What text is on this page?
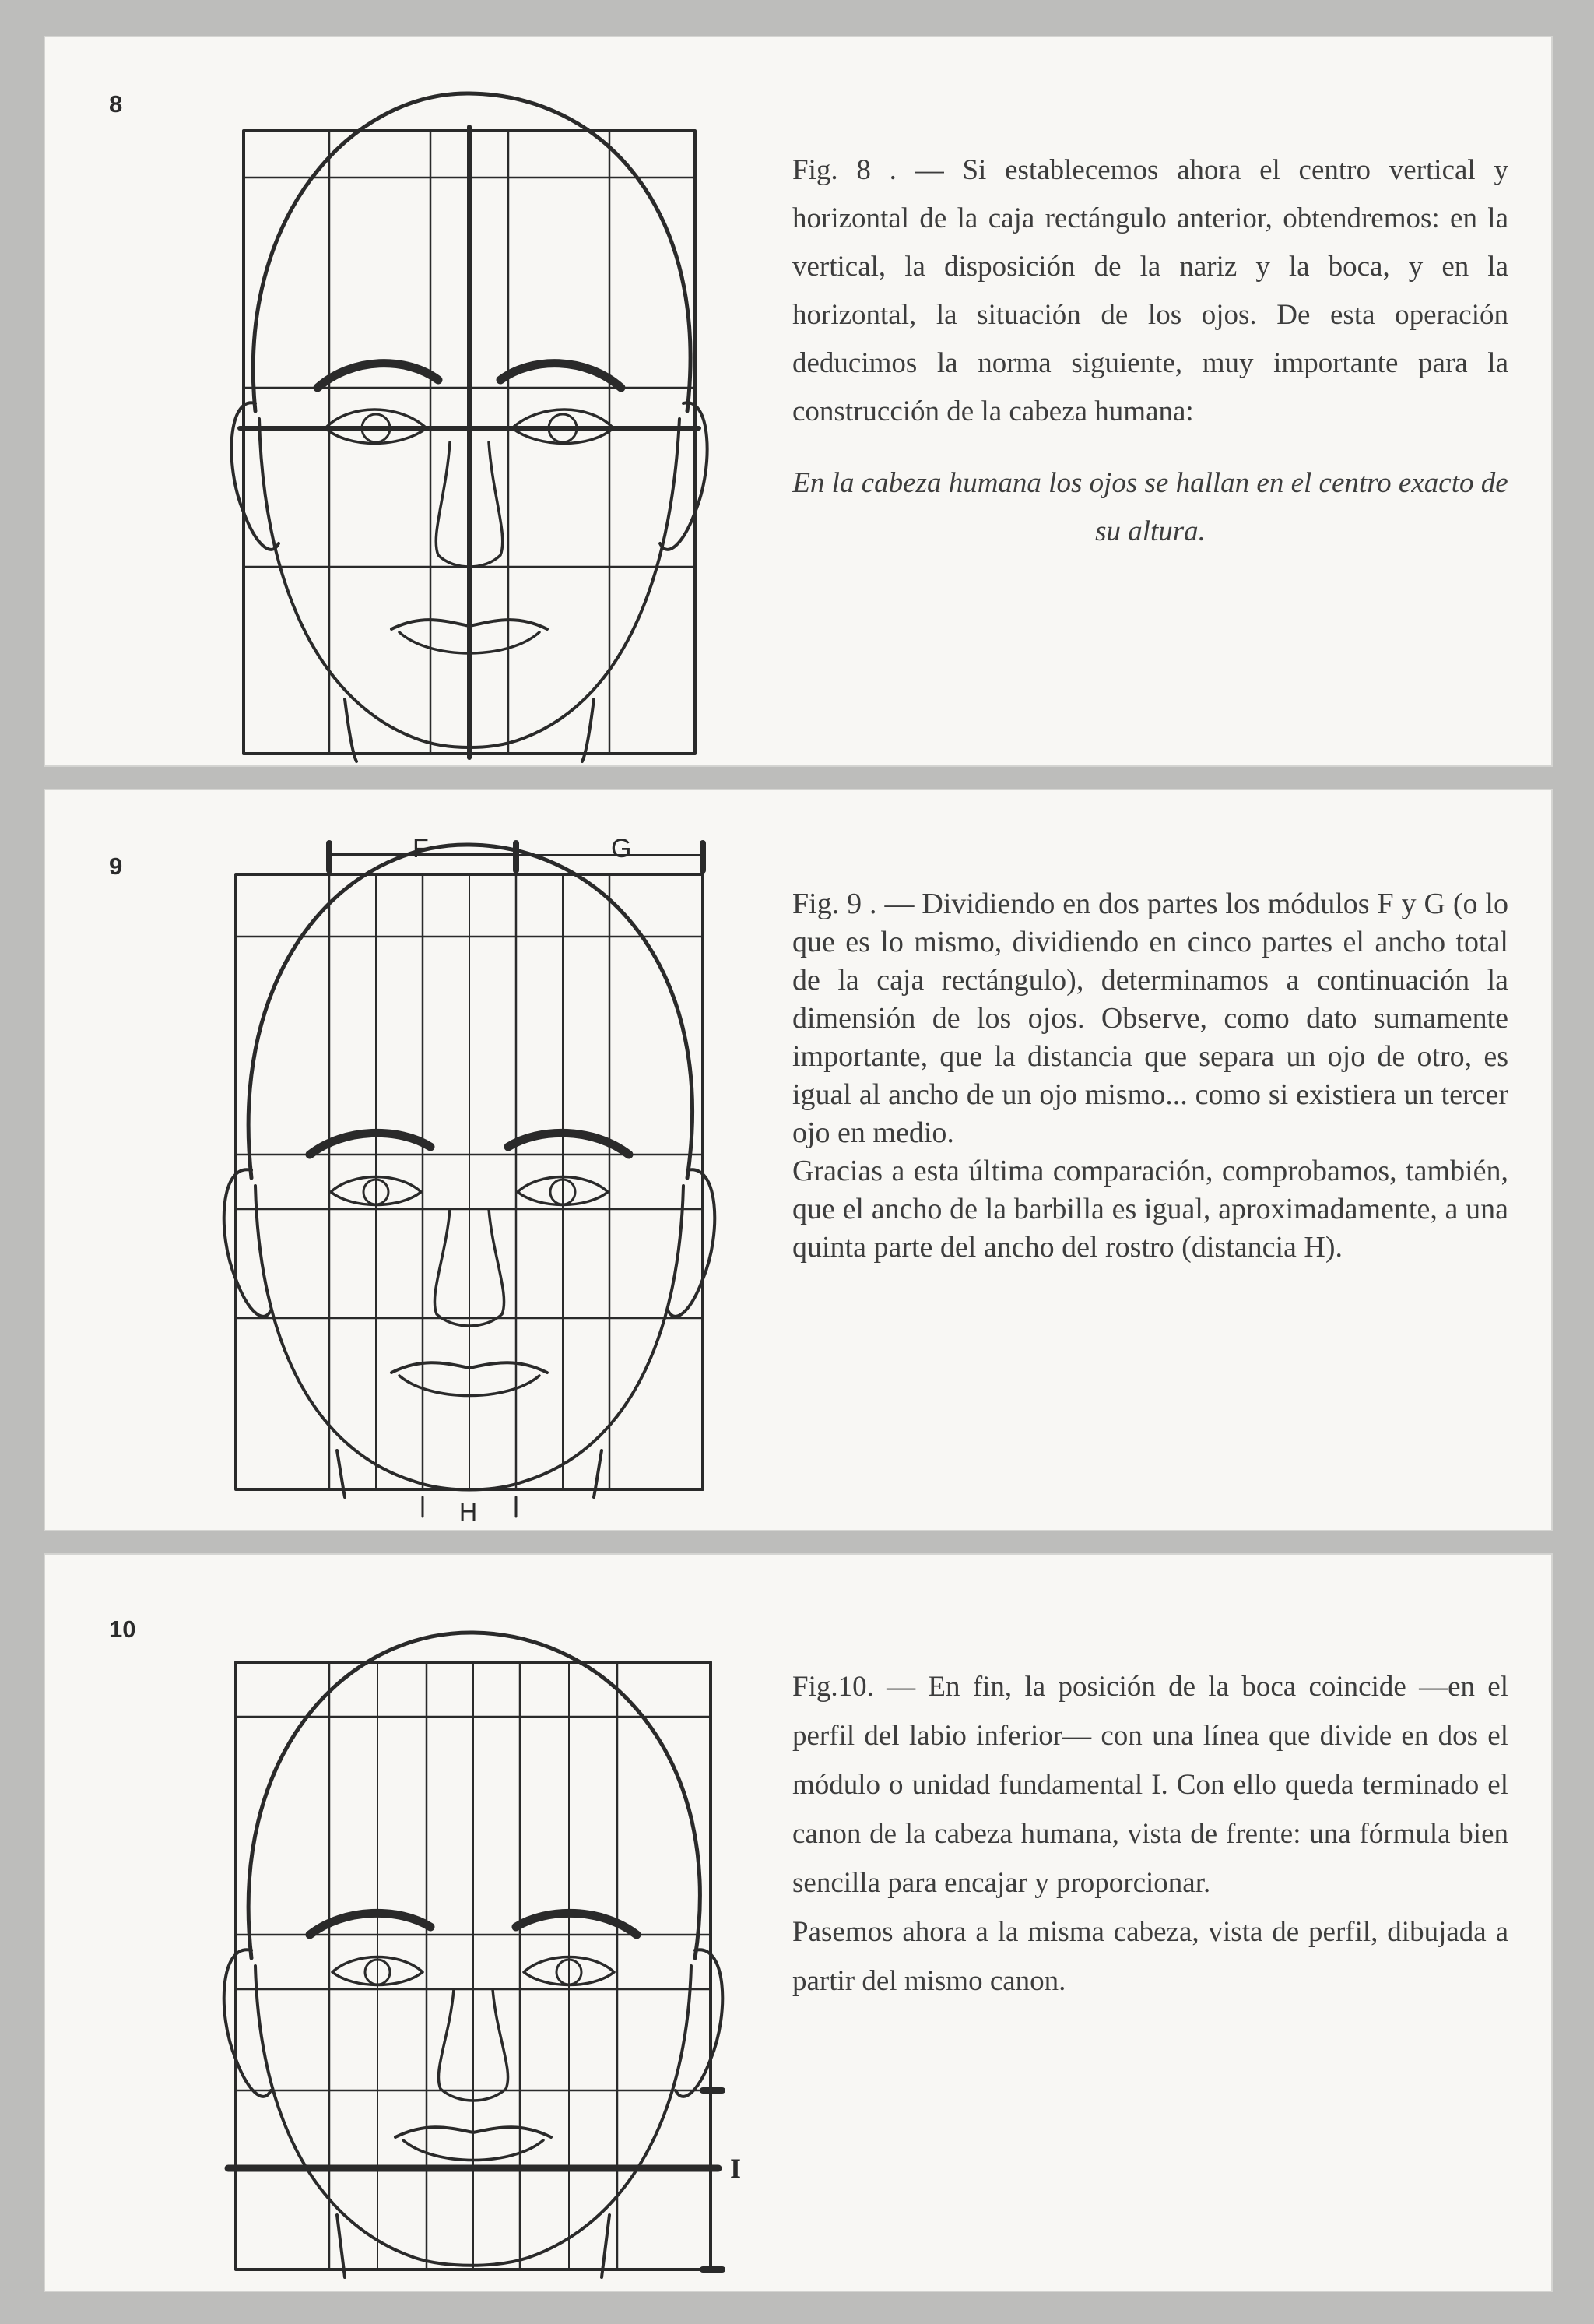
8

Fig. 8 . — Si establecemos ahora el centro vertical y horizontal de la caja rectángulo anterior, obtendremos: en la vertical, la disposición de la nariz y la boca, y en la horizontal, la situación de los ojos. De esta operación deducimos la norma siguiente, muy importante para la construcción de la cabeza humana:

En la cabeza humana los ojos se hallan en el centro exacto de su altura.

9
F	G
H

Fig. 9 . — Dividiendo en dos partes los módulos F y G (o lo que es lo mismo, dividiendo en cinco partes el ancho total de la caja rectángulo), determinamos a continuación la dimensión de los ojos. Observe, como dato sumamente importante, que la distancia que separa un ojo de otro, es igual al ancho de un ojo mismo... como si existiera un tercer ojo en medio.

Gracias a esta última comparación, comprobamos, también, que el ancho de la barbilla es igual, aproximadamente, a una quinta parte del ancho del rostro (distancia H).

10
I

Fig.10. — En fin, la posición de la boca coincide —en el perfil del labio inferior— con una línea que divide en dos el módulo o unidad fundamental I. Con ello queda terminado el canon de la cabeza humana, vista de frente: una fórmula bien sencilla para encajar y proporcionar.

Pasemos ahora a la misma cabeza, vista de perfil, dibujada a partir del mismo canon.
